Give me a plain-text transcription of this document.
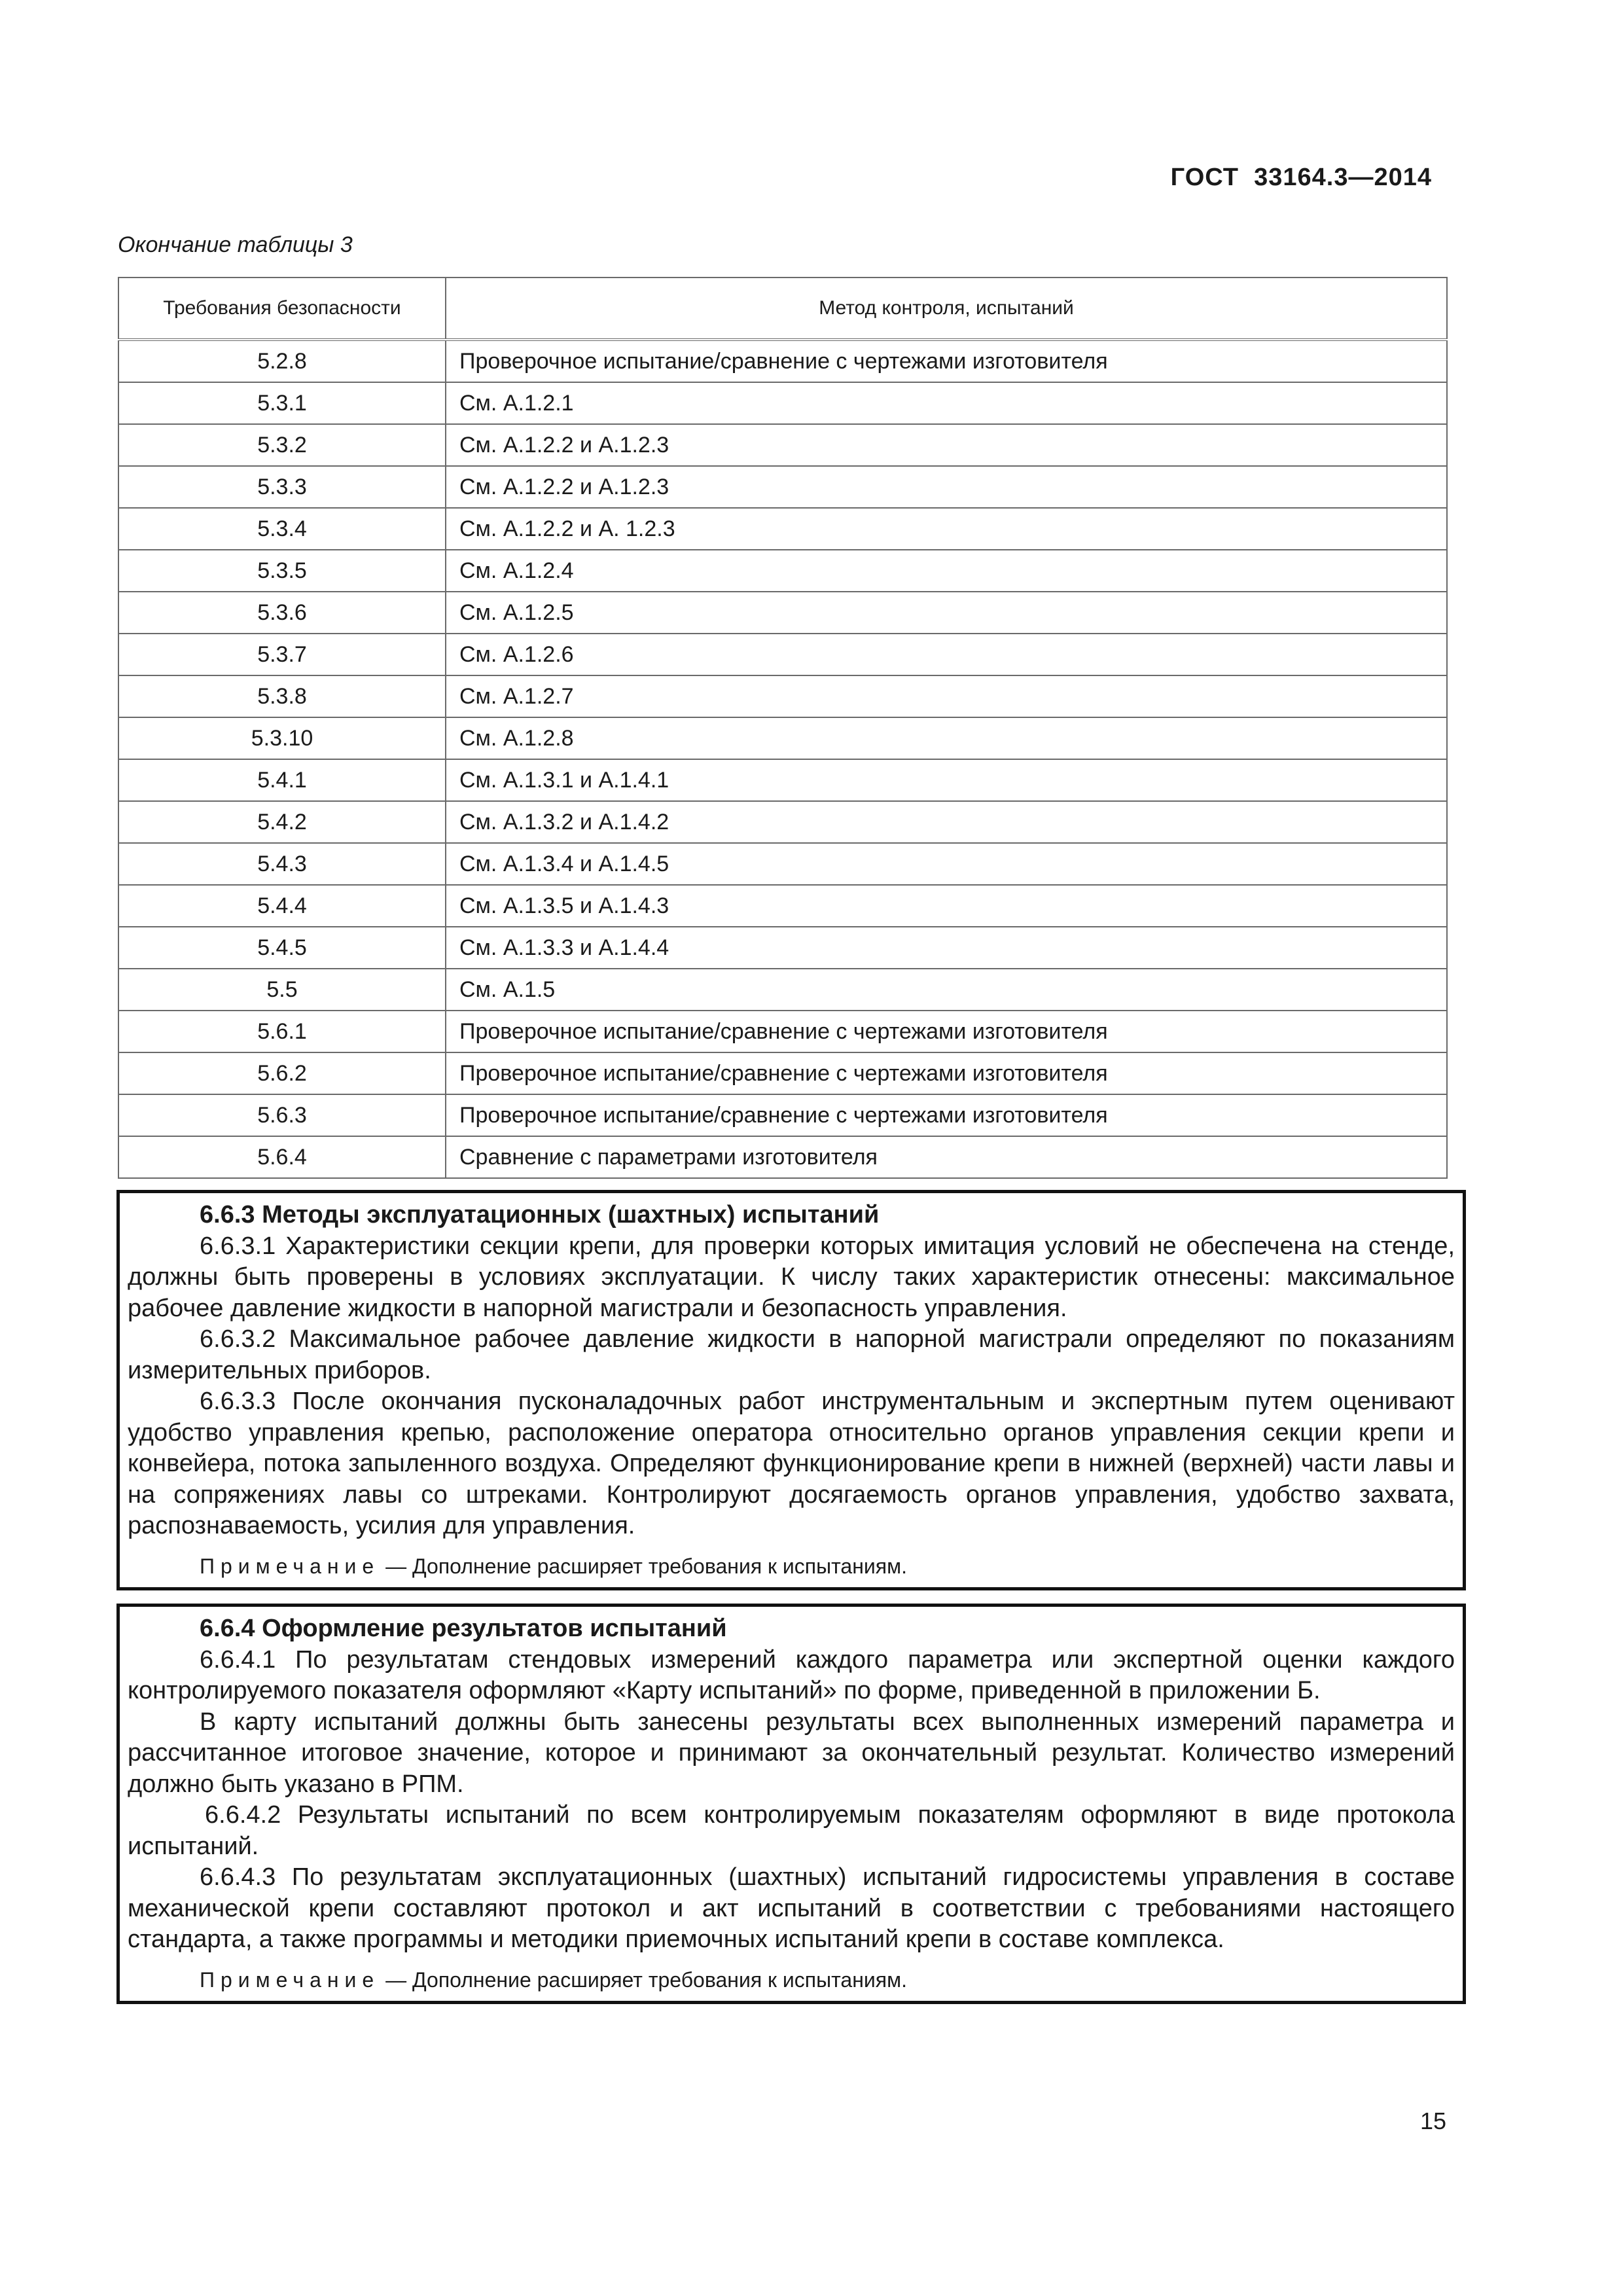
ГОСТ  33164.3—2014
Окончание таблицы 3
Требования безопасности	Метод контроля, испытаний
5.2.8	Проверочное испытание/сравнение с чертежами изготовителя
5.3.1	См. А.1.2.1
5.3.2	См. А.1.2.2 и А.1.2.3
5.3.3	См. А.1.2.2 и А.1.2.3
5.3.4	См. А.1.2.2 и А. 1.2.3
5.3.5	См. А.1.2.4
5.3.6	См. А.1.2.5
5.3.7	См. А.1.2.6
5.3.8	См. А.1.2.7
5.3.10	См. А.1.2.8
5.4.1	См. А.1.3.1 и А.1.4.1
5.4.2	См. А.1.3.2 и А.1.4.2
5.4.3	См. А.1.3.4 и А.1.4.5
5.4.4	См. А.1.3.5 и А.1.4.3
5.4.5	См. А.1.3.3 и А.1.4.4
5.5	См. А.1.5
5.6.1	Проверочное испытание/сравнение с чертежами изготовителя
5.6.2	Проверочное испытание/сравнение с чертежами изготовителя
5.6.3	Проверочное испытание/сравнение с чертежами изготовителя
5.6.4	Сравнение с параметрами изготовителя

6.6.3 Методы эксплуатационных (шахтных) испытаний

6.6.3.1 Характеристики секции крепи, для проверки которых имитация условий не обеспечена на стенде, должны быть проверены в условиях эксплуатации. К числу таких характеристик отнесены: максимальное рабочее давление жидкости в напорной магистрали и безопасность управления.

6.6.3.2 Максимальное рабочее давление жидкости в напорной магистрали определяют по показаниям измерительных приборов.

6.6.3.3 После окончания пусконаладочных работ инструментальным и экспертным путем оценивают удобство управления крепью, расположение оператора относительно органов управления секции крепи и конвейера, потока запыленного воздуха. Определяют функционирование крепи в нижней (верхней) части лавы и на сопряжениях лавы со штреками. Контролируют досягаемость органов управления, удобство захвата, распознаваемость, усилия для управления.

Примечание — Дополнение расширяет требования к испытаниям.

6.6.4 Оформление результатов испытаний

6.6.4.1 По результатам стендовых измерений каждого параметра или экспертной оценки каждого контролируемого показателя оформляют «Карту испытаний» по форме, приведенной в приложении Б.

В карту испытаний должны быть занесены результаты всех выполненных измерений параметра и рассчитанное итоговое значение, которое и принимают за окончательный результат. Количество измерений должно быть указано в РПМ.

6.6.4.2 Результаты испытаний по всем контролируемым показателям оформляют в виде протокола испытаний.

6.6.4.3 По результатам эксплуатационных (шахтных) испытаний гидросистемы управления в составе механической крепи составляют протокол и акт испытаний в соответствии с требованиями настоящего стандарта, а также программы и методики приемочных испытаний крепи в составе комплекса.

Примечание — Дополнение расширяет требования к испытаниям.

15
